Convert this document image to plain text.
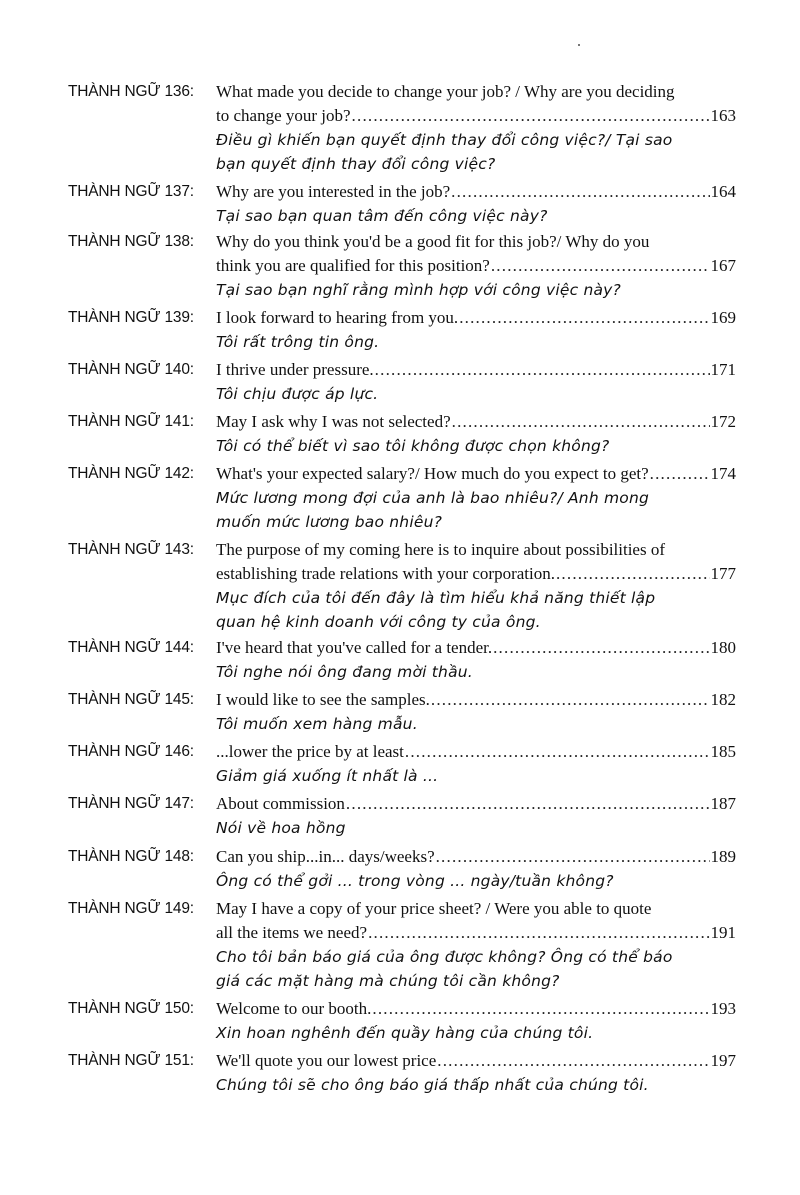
THÀNH NGỮ 136:	What made you decide to change your job? / Why are you deciding
to change your job? .....	163
Điều gì khiến bạn quyết định thay đổi công việc?/ Tại sao
bạn quyết định thay đổi công việc?
THÀNH NGỮ 137:	Why are you interested in the job? .....	164
Tại sao bạn quan tâm đến công việc này?
THÀNH NGỮ 138:	Why do you think you'd be a good fit for this job?/ Why do you
think you are qualified for this position? .....	167
Tại sao bạn nghĩ rằng mình hợp với công việc này?
THÀNH NGỮ 139:	I look forward to hearing from you. .....	169
Tôi rất trông tin ông.
THÀNH NGỮ 140:	I thrive under pressure. .....	171
Tôi chịu được áp lực.
THÀNH NGỮ 141:	May I ask why I was not selected? .....	172
Tôi có thể biết vì sao tôi không được chọn không?
THÀNH NGỮ 142:	What's your expected salary?/ How much do you expect to get? .....	174
Mức lương mong đợi của anh là bao nhiêu?/ Anh mong
muốn mức lương bao nhiêu?
THÀNH NGỮ 143:	The purpose of my coming here is to inquire about possibilities of
establishing trade relations with your corporation. .....	177
Mục đích của tôi đến đây là tìm hiểu khả năng thiết lập
quan hệ kinh doanh với công ty của ông.
THÀNH NGỮ 144:	I've heard that you've called for a tender. .....	180
Tôi nghe nói ông đang mời thầu.
THÀNH NGỮ 145:	I would like to see the samples. .....	182
Tôi muốn xem hàng mẫu.
THÀNH NGỮ 146:	...lower the price by at least .....	185
Giảm giá xuống ít nhất là ...
THÀNH NGỮ 147:	About commission .....	187
Nói về hoa hồng
THÀNH NGỮ 148:	Can you ship...in... days/weeks? .....	189
Ông có thể gởi ... trong vòng ... ngày/tuần không?
THÀNH NGỮ 149:	May I have a copy of your price sheet? / Were you able to quote
all the items we need? .....	191
Cho tôi bản báo giá của ông được không? Ông có thể báo
giá các mặt hàng mà chúng tôi cần không?
THÀNH NGỮ 150:	Welcome to our booth. .....	193
Xin hoan nghênh đến quầy hàng của chúng tôi.
THÀNH NGỮ 151:	We'll quote you our lowest price .....	197
Chúng tôi sẽ cho ông báo giá thấp nhất của chúng tôi.
